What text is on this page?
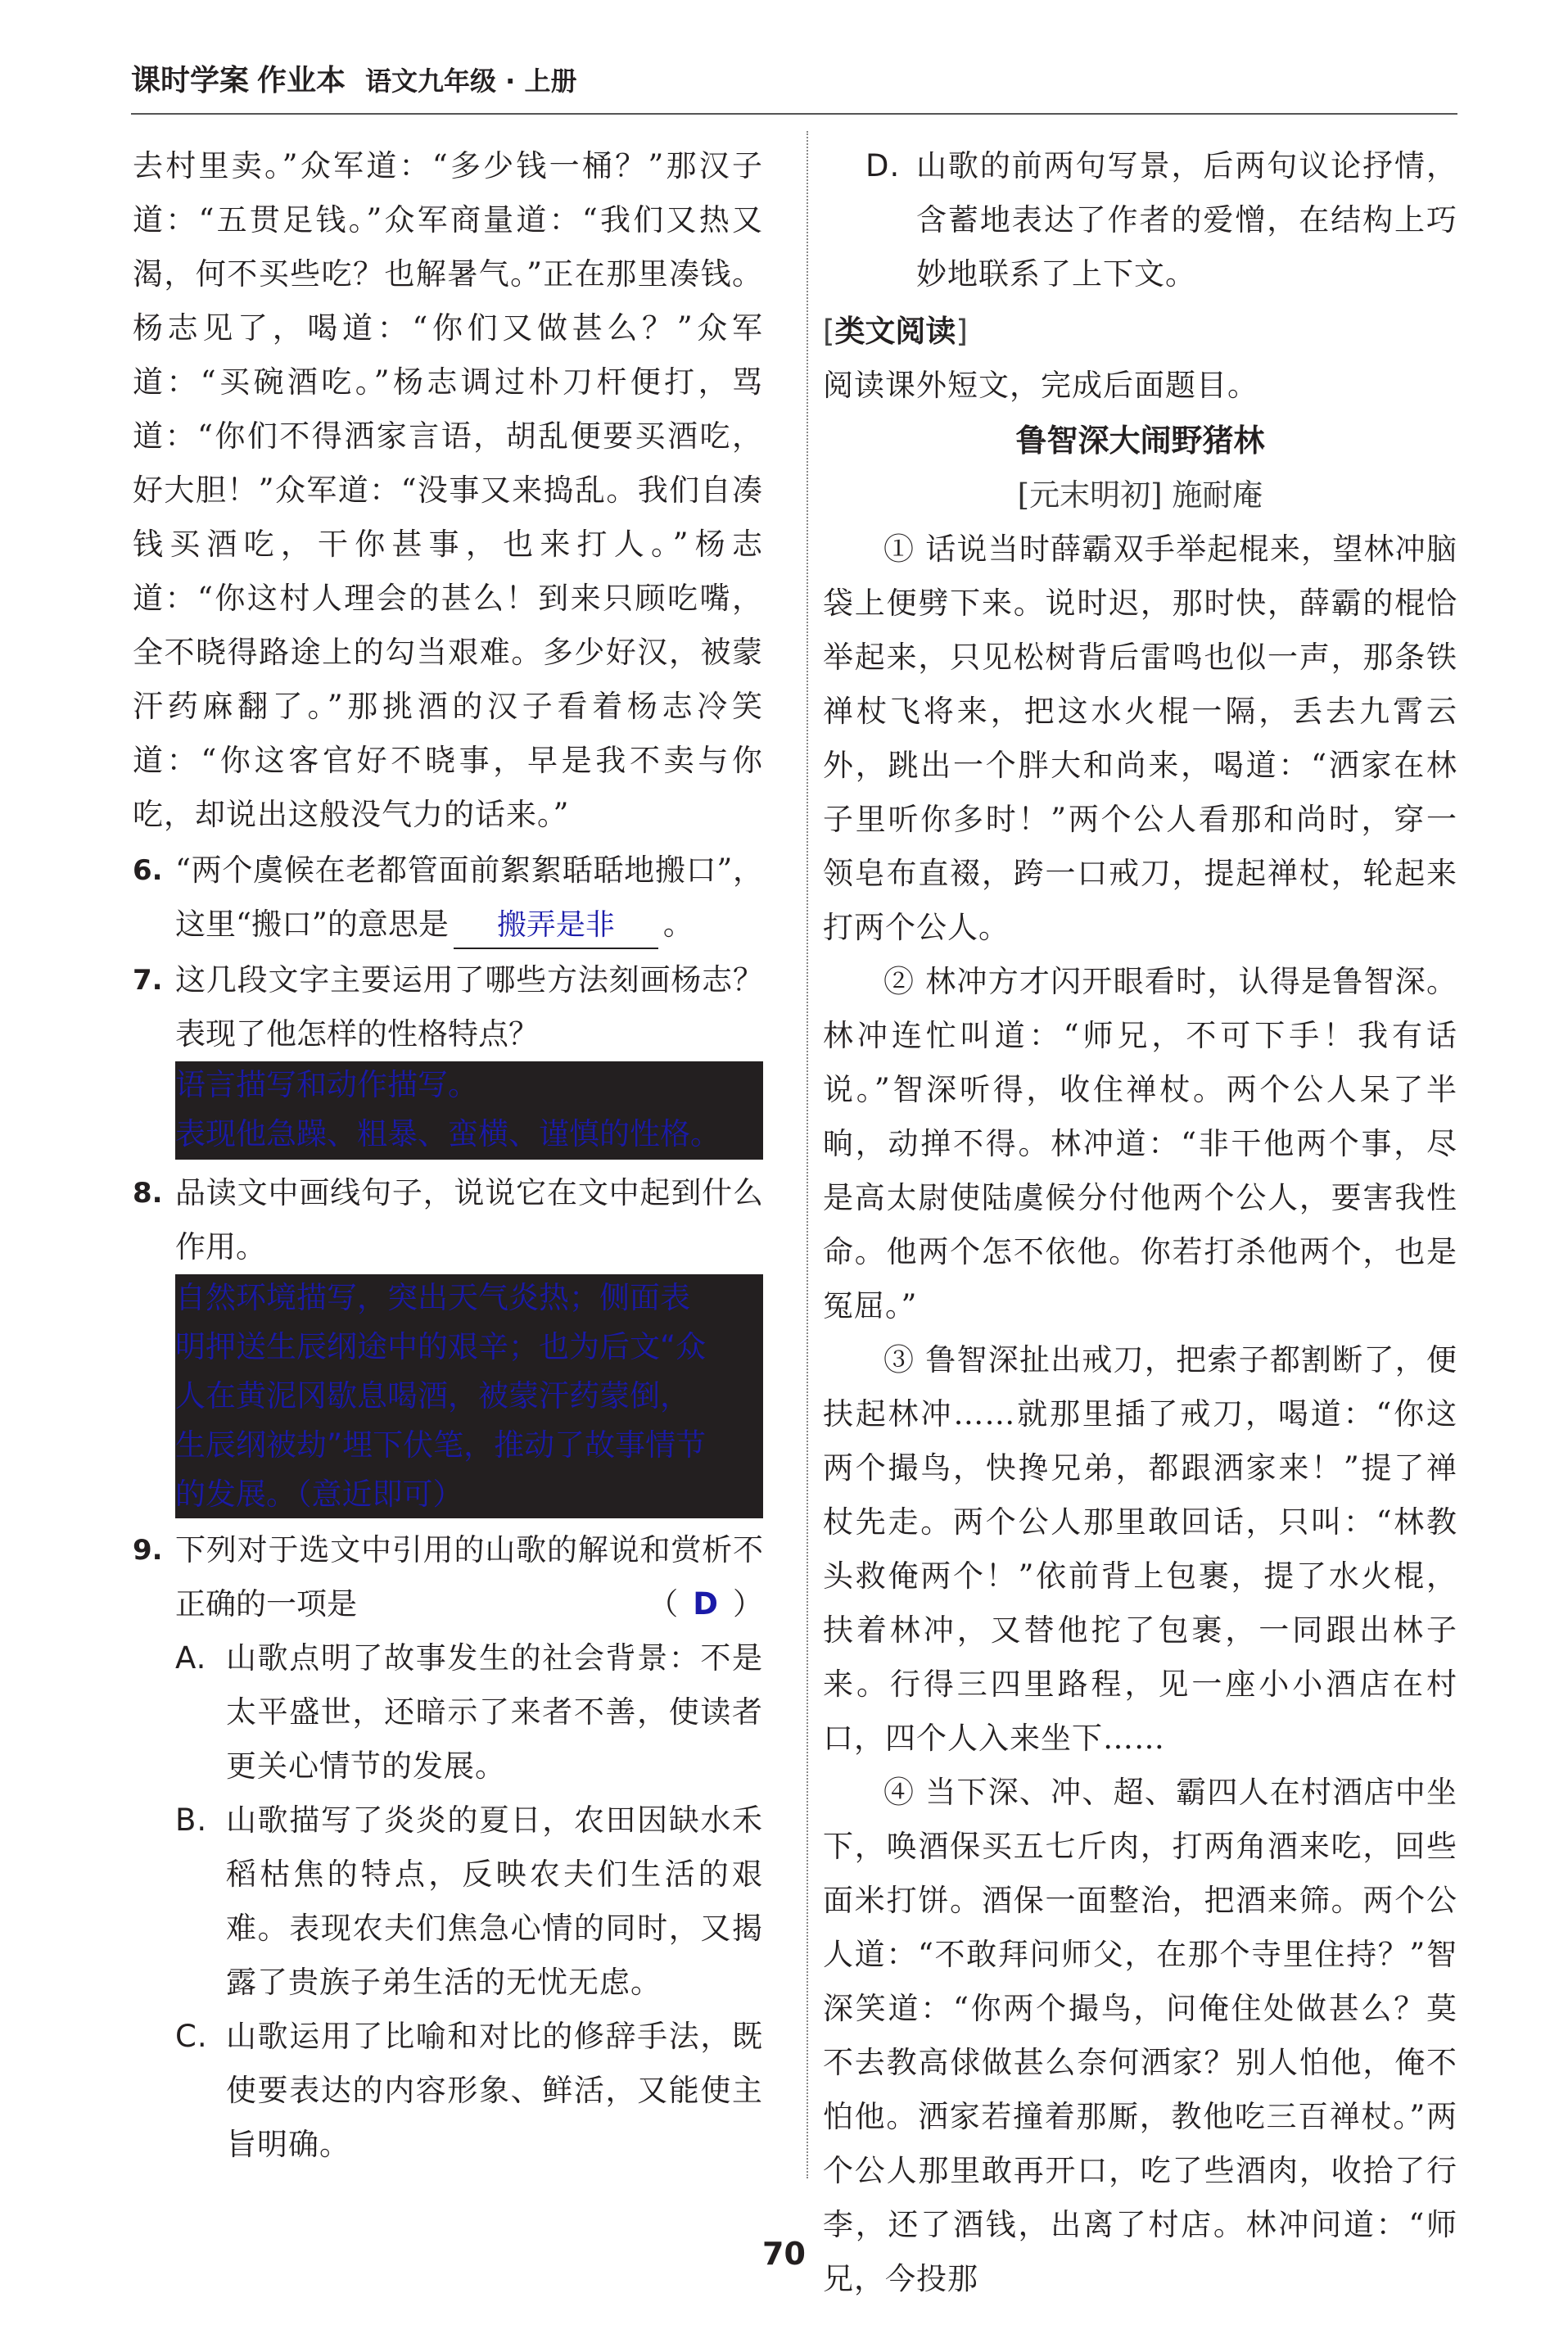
课时学案 作业本 语文九年级 · 上册

去村里卖。”众军道：“多少钱一桶？”那汉子道：“五贯足钱。”众军商量道：“我们又热又渴，何不买些吃？也解暑气。”正在那里凑钱。杨志见了，喝道：“你们又做甚么？”众军道：“买碗酒吃。”杨志调过朴刀杆便打，骂道：“你们不得洒家言语，胡乱便要买酒吃，好大胆！”众军道：“没事又来捣乱。我们自凑钱买酒吃，干你甚事，也来打人。”杨志道：“你这村人理会的甚么！到来只顾吃嘴，全不晓得路途上的勾当艰难。多少好汉，被蒙汗药麻翻了。”那挑酒的汉子看着杨志冷笑道：“你这客官好不晓事，早是我不卖与你吃，却说出这般没气力的话来。”

6. “两个虞候在老都管面前絮絮聒聒地搬口”，这里“搬口”的意思是 搬弄是非 。
7. 这几段文字主要运用了哪些方法刻画杨志？表现了他怎样的性格特点？
语言描写和动作描写。
表现他急躁、粗暴、蛮横、谨慎的性格。
8. 品读文中画线句子，说说它在文中起到什么作用。
自然环境描写，突出天气炎热；侧面表
明押送生辰纲途中的艰辛；也为后文“众
人在黄泥冈歇息喝酒，被蒙汗药蒙倒，
生辰纲被劫”埋下伏笔，推动了故事情节
的发展。（意近即可）
9. 下列对于选文中引用的山歌的解说和赏析不正确的一项是	（ D ）
A. 山歌点明了故事发生的社会背景：不是太平盛世，还暗示了来者不善，使读者更关心情节的发展。
B. 山歌描写了炎炎的夏日，农田因缺水禾稻枯焦的特点，反映农夫们生活的艰难。表现农夫们焦急心情的同时，又揭露了贵族子弟生活的无忧无虑。
C. 山歌运用了比喻和对比的修辞手法，既使要表达的内容形象、鲜活，又能使主旨明确。
D. 山歌的前两句写景，后两句议论抒情，含蓄地表达了作者的爱憎，在结构上巧妙地联系了上下文。
[类文阅读]

阅读课外短文，完成后面题目。

鲁智深大闹野猪林
[元末明初] 施耐庵

① 话说当时薛霸双手举起棍来，望林冲脑袋上便劈下来。说时迟，那时快，薛霸的棍恰举起来，只见松树背后雷鸣也似一声，那条铁禅杖飞将来，把这水火棍一隔，丢去九霄云外，跳出一个胖大和尚来，喝道：“洒家在林子里听你多时！”两个公人看那和尚时，穿一领皂布直裰，跨一口戒刀，提起禅杖，轮起来打两个公人。

② 林冲方才闪开眼看时，认得是鲁智深。林冲连忙叫道：“师兄，不可下手！我有话说。”智深听得，收住禅杖。两个公人呆了半晌，动掸不得。林冲道：“非干他两个事，尽是高太尉使陆虞候分付他两个公人，要害我性命。他两个怎不依他。你若打杀他两个，也是冤屈。”

③ 鲁智深扯出戒刀，把索子都割断了，便扶起林冲……就那里插了戒刀，喝道：“你这两个撮鸟，快搀兄弟，都跟洒家来！”提了禅杖先走。两个公人那里敢回话，只叫：“林教头救俺两个！”依前背上包裹，提了水火棍，扶着林冲，又替他拕了包裹，一同跟出林子来。行得三四里路程，见一座小小酒店在村口，四个人入来坐下……

④ 当下深、冲、超、霸四人在村酒店中坐下，唤酒保买五七斤肉，打两角酒来吃，回些面米打饼。酒保一面整治，把酒来筛。两个公人道：“不敢拜问师父，在那个寺里住持？”智深笑道：“你两个撮鸟，问俺住处做甚么？莫不去教高俅做甚么奈何洒家？别人怕他，俺不怕他。洒家若撞着那厮，教他吃三百禅杖。”两个公人那里敢再开口，吃了些酒肉，收拾了行李，还了酒钱，出离了村店。林冲问道：“师兄，今投那

70
